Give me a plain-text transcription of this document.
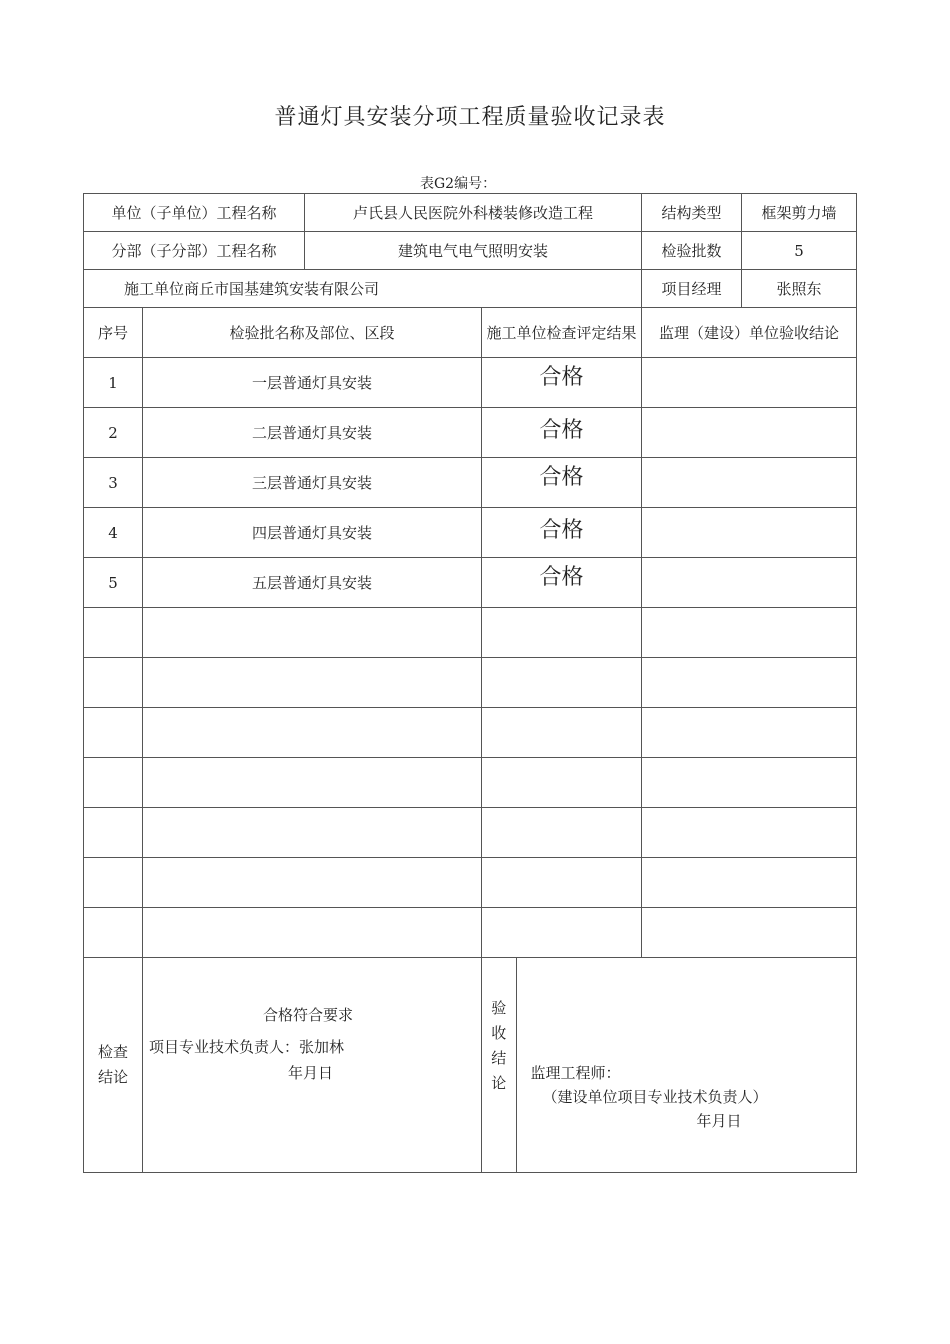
普通灯具安装分项工程质量验收记录表
表G2编号：
单位（子单位）工程名称	卢氏县人民医院外科楼装修改造工程	结构类型	框架剪力墙
分部（子分部）工程名称	建筑电气电气照明安装	检验批数	5
施工单位商丘市国基建筑安装有限公司	项目经理	张照东
序号	检验批名称及部位、区段	施工单位检查评定结果	监理（建设）单位验收结论
1	一层普通灯具安装	合格

2	二层普通灯具安装	合格

3	三层普通灯具安装	合格

4	四层普通灯具安装	合格

5	五层普通灯具安装	合格

检查结论

合格符合要求
项目专业技术负责人：张加林
年月日

验收结论

监理工程师：
（建设单位项目专业技术负责人）
年月日
